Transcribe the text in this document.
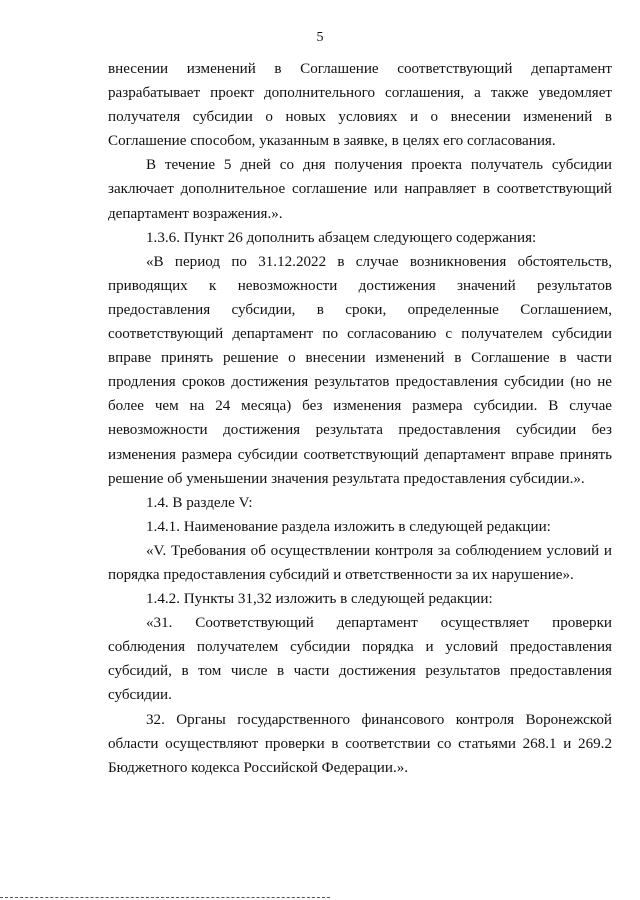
5

внесении изменений в Соглашение соответствующий департамент разрабатывает проект дополнительного соглашения, а также уведомляет получателя субсидии о новых условиях и о внесении изменений в Соглашение способом, указанным в заявке, в целях его согласования.

В течение 5 дней со дня получения проекта получатель субсидии заключает дополнительное соглашение или направляет в соответствующий департамент возражения.».

1.3.6. Пункт 26 дополнить абзацем следующего содержания:

«В период по 31.12.2022 в случае возникновения обстоятельств, приводящих к невозможности достижения значений результатов предоставления субсидии, в сроки, определенные Соглашением, соответствующий департамент по согласованию с получателем субсидии вправе принять решение о внесении изменений в Соглашение в части продления сроков достижения результатов предоставления субсидии (но не более чем на 24 месяца) без изменения размера субсидии. В случае невозможности достижения результата предоставления субсидии без изменения размера субсидии соответствующий департамент вправе принять решение об уменьшении значения результата предоставления субсидии.».

1.4. В разделе V:

1.4.1. Наименование раздела изложить в следующей редакции:

«V. Требования об осуществлении контроля за соблюдением условий и порядка предоставления субсидий и ответственности за их нарушение».

1.4.2. Пункты 31,32 изложить в следующей редакции:

«31. Соответствующий департамент осуществляет проверки соблюдения получателем субсидии порядка и условий предоставления субсидий, в том числе в части достижения результатов предоставления субсидии.

32. Органы государственного финансового контроля Воронежской области осуществляют проверки в соответствии со статьями 268.1 и 269.2 Бюджетного кодекса Российской Федерации.».
